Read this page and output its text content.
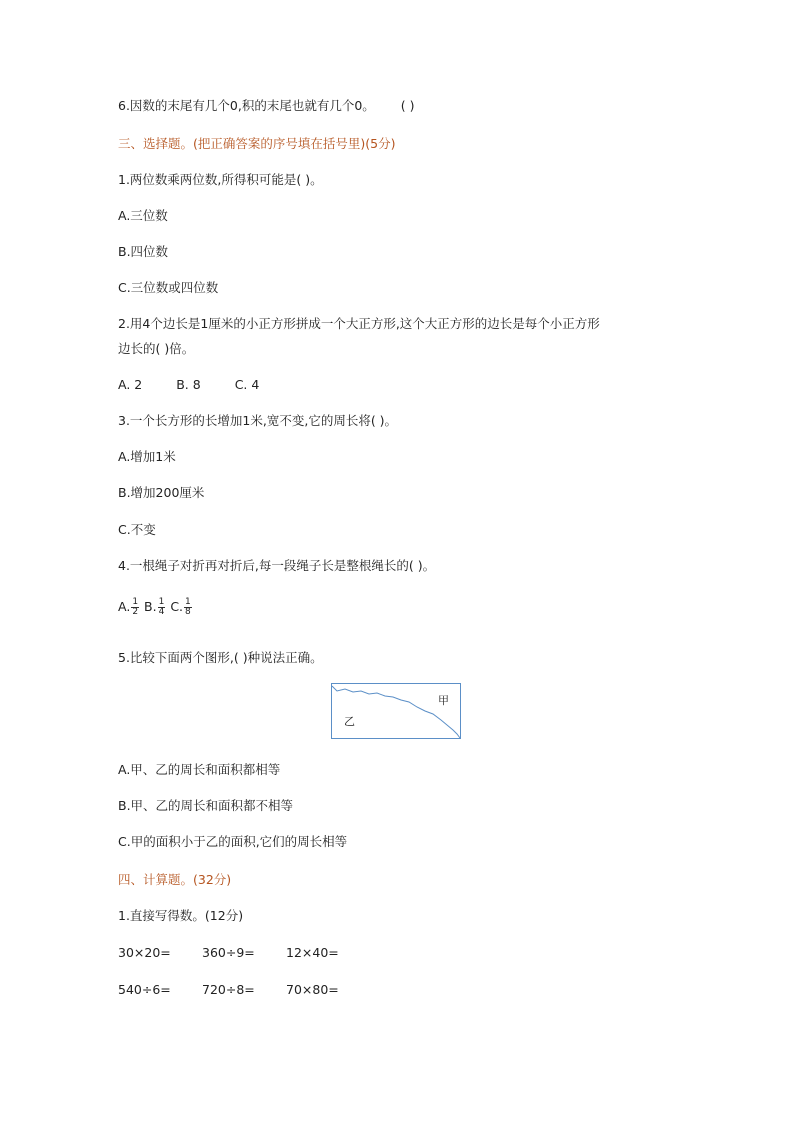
6.因数的末尾有几个0,积的末尾也就有几个0。 ( )
三、选择题。(把正确答案的序号填在括号里)(5分)
1.两位数乘两位数,所得积可能是( )。
A.三位数
B.四位数
C.三位数或四位数
2.用4个边长是1厘米的小正方形拼成一个大正方形,这个大正方形的边长是每个小正方形
边长的( )倍。
A. 2	B. 8	C. 4
3.一个长方形的长增加1米,宽不变,它的周长将( )。
A.增加1米
B.增加200厘米
C.不变
4.一根绳子对折再对折后,每一段绳子长是整根绳长的( )。
A. $\frac{1}{2} B$. $\frac{1}{4} C$. $\frac{1}{8}$
5.比较下面两个图形,( )种说法正确。
甲
乙
A.甲、乙的周长和面积都相等
B.甲、乙的周长和面积都不相等
C.甲的面积小于乙的面积,它们的周长相等
四、计算题。(32分)
1.直接写得数。(12分)
30×20= 360÷9= 12×40=
540÷6= 720÷8= 70×80=
